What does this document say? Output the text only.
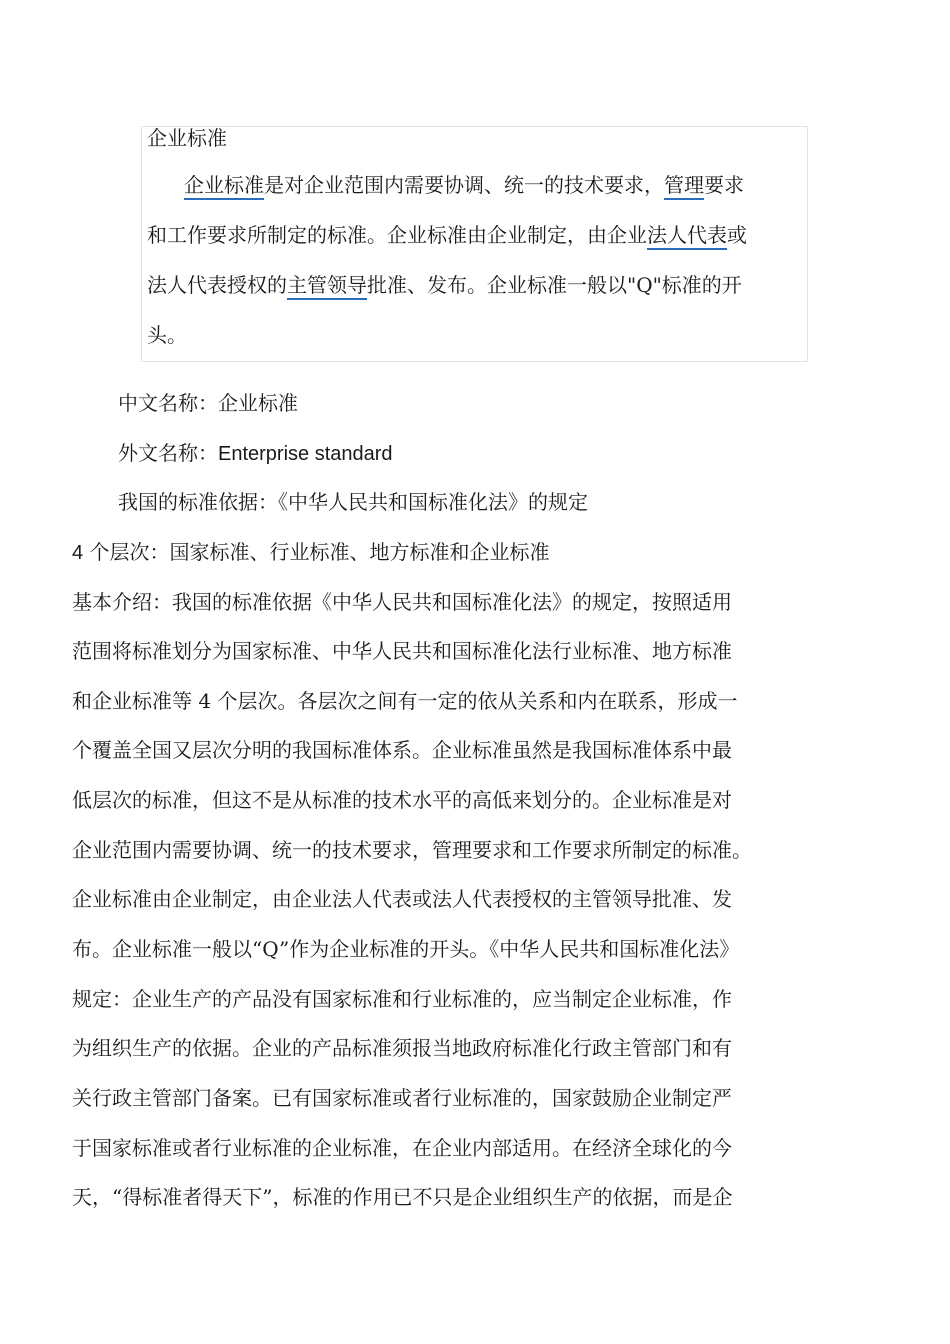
企业标准
企业标准是对企业范围内需要协调、统一的技术要求，管理要求
和工作要求所制定的标准。企业标准由企业制定，由企业法人代表或
法人代表授权的主管领导批准、发布。企业标准一般以"Q"标准的开
头。
中文名称：企业标准
外文名称：Enterprise standard
我国的标准依据：《中华人民共和国标准化法》的规定
4 个层次：国家标准、行业标准、地方标准和企业标准
基本介绍：我国的标准依据《中华人民共和国标准化法》的规定，按照适用
范围将标准划分为国家标准、中华人民共和国标准化法行业标准、地方标准
和企业标准等 4 个层次。各层次之间有一定的依从关系和内在联系，形成一
个覆盖全国又层次分明的我国标准体系。企业标准虽然是我国标准体系中最
低层次的标准，但这不是从标准的技术水平的高低来划分的。企业标准是对
企业范围内需要协调、统一的技术要求，管理要求和工作要求所制定的标准。
企业标准由企业制定，由企业法人代表或法人代表授权的主管领导批准、发
布。企业标准一般以“Q”作为企业标准的开头。《中华人民共和国标准化法》
规定：企业生产的产品没有国家标准和行业标准的，应当制定企业标准，作
为组织生产的依据。企业的产品标准须报当地政府标准化行政主管部门和有
关行政主管部门备案。已有国家标准或者行业标准的，国家鼓励企业制定严
于国家标准或者行业标准的企业标准，在企业内部适用。在经济全球化的今
天，“得标准者得天下”，标准的作用已不只是企业组织生产的依据，而是企
